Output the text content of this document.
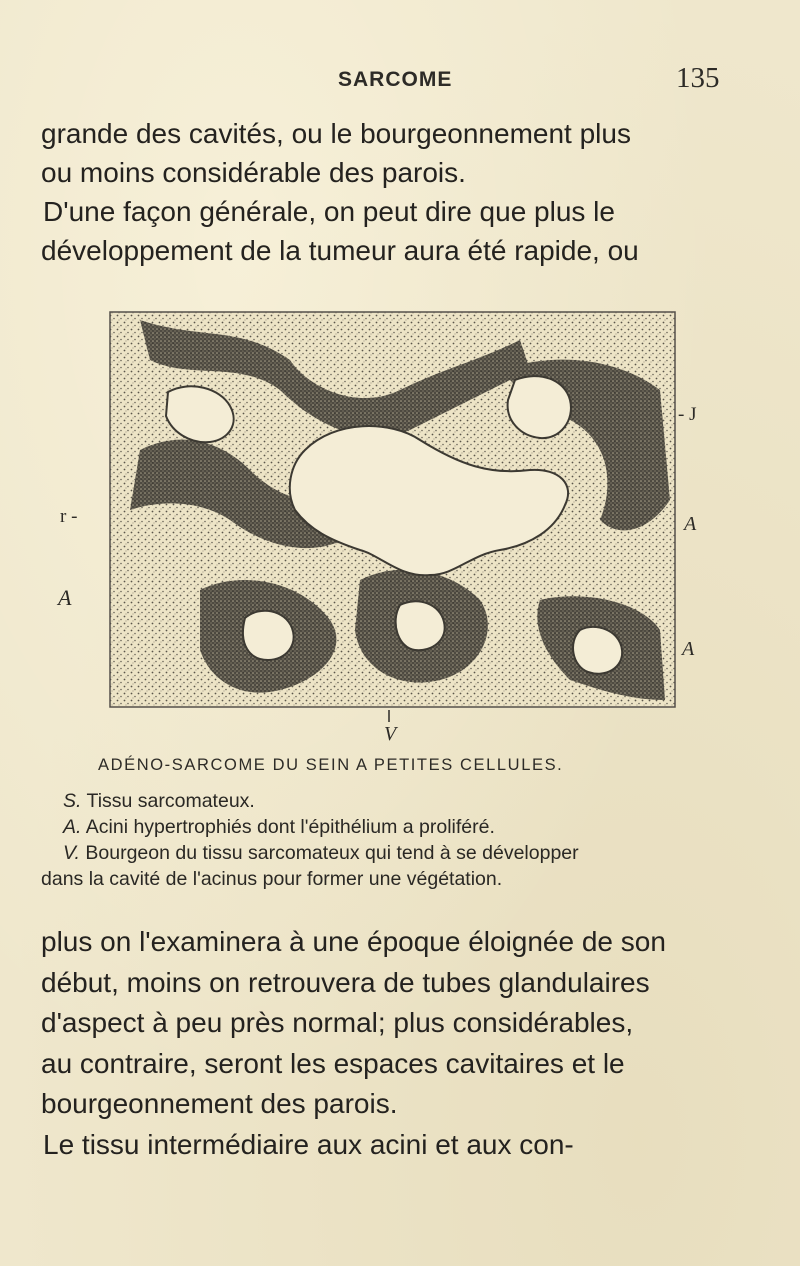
SARCOME	135

grande des cavités, ou le bourgeonnement plus

ou moins considérable des parois.

D'une façon générale, on peut dire que plus le

développement de la tumeur aura été rapide, ou

r -
A
- J
A
A
V
ADÉNO-SARCOME DU SEIN A PETITES CELLULES.

S. Tissu sarcomateux.

A. Acini hypertrophiés dont l'épithélium a proliféré.

V. Bourgeon du tissu sarcomateux qui tend à se développer

dans la cavité de l'acinus pour former une végétation.

plus on l'examinera à une époque éloignée de son

début, moins on retrouvera de tubes glandulaires

d'aspect à peu près normal; plus considérables,

au contraire, seront les espaces cavitaires et le

bourgeonnement des parois.

Le tissu intermédiaire aux acini et aux con-
